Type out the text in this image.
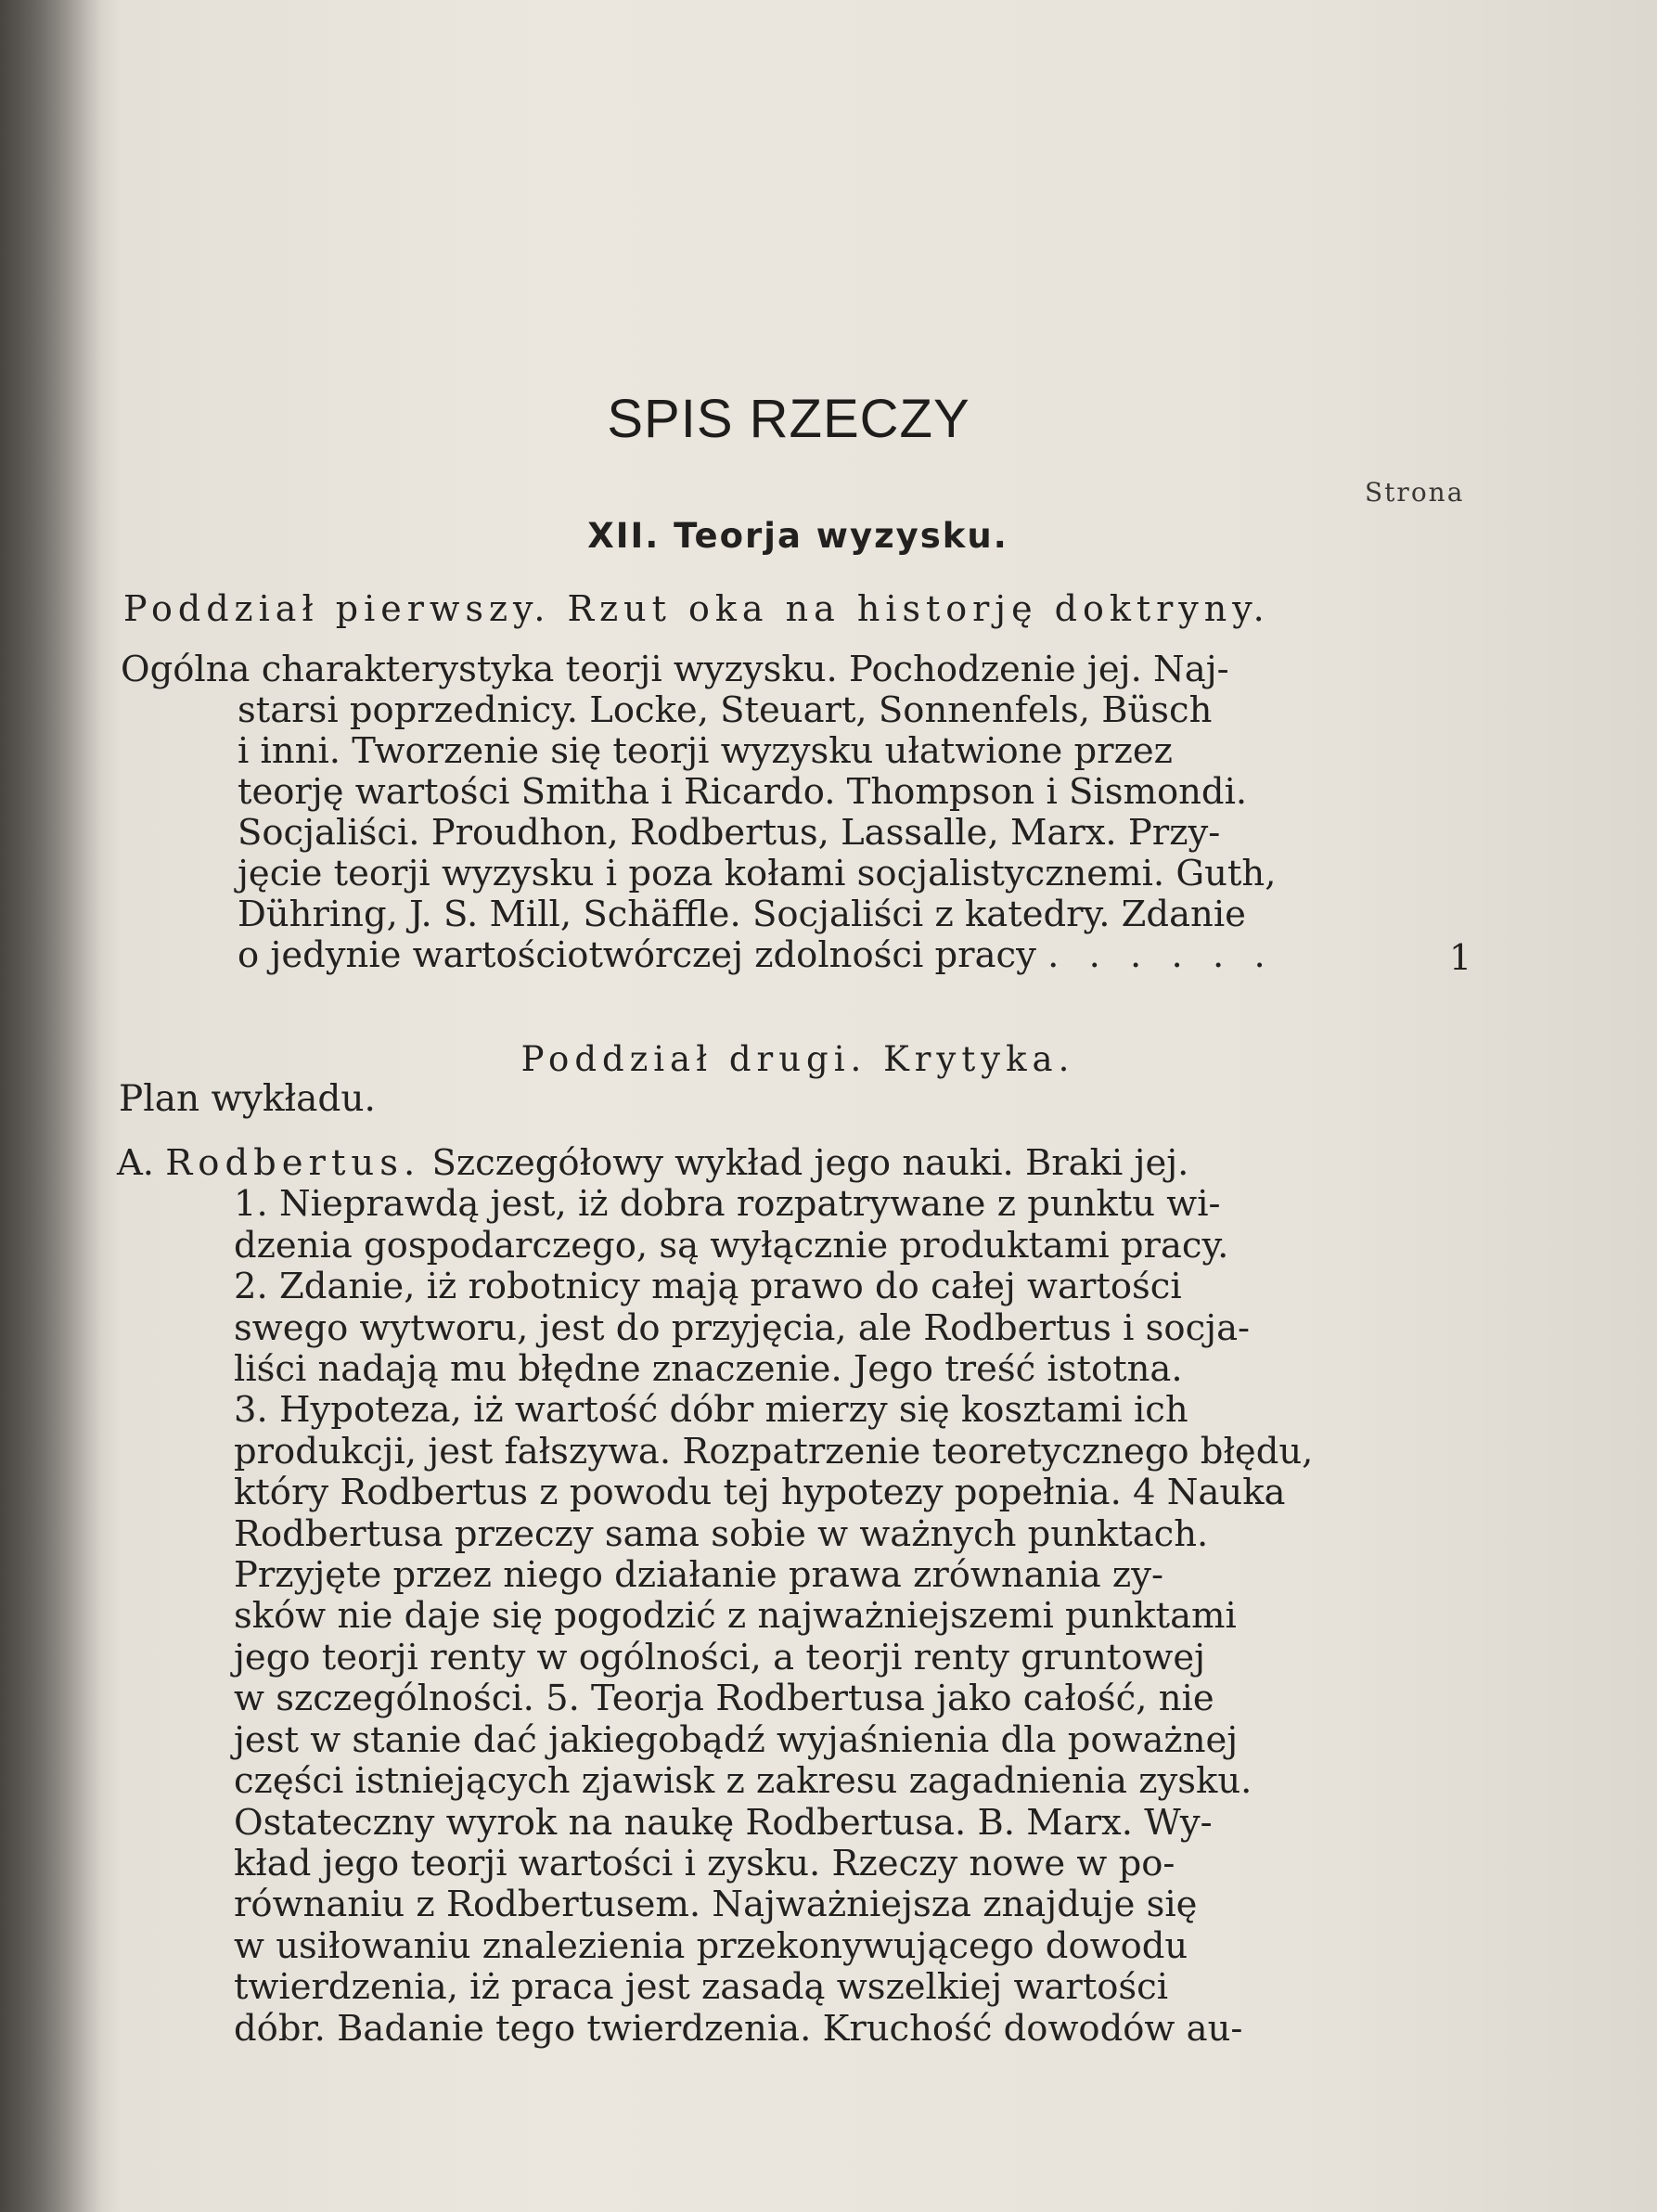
SPIS RZECZY
Strona
XII. Teorja wyzysku.
Poddział pierwszy. Rzut oka na historję doktryny.
Ogólna charakterystyka teorji wyzysku. Pochodzenie jej. Naj-
starsi poprzednicy. Locke, Steuart, Sonnenfels, Büsch
i inni. Tworzenie się teorji wyzysku ułatwione przez
teorję wartości Smitha i Ricardo. Thompson i Sismondi.
Socjaliści. Proudhon, Rodbertus, Lassalle, Marx. Przy-
jęcie teorji wyzysku i poza kołami socjalistycznemi. Guth,
Dühring, J. S. Mill, Schäffle. Socjaliści z katedry. Zdanie
o jedynie wartościotwórczej zdolności pracy . . . . . .	1
Poddział drugi. Krytyka.
Plan wykładu.
A. Rodbertus. Szczegółowy wykład jego nauki. Braki jej.
1. Nieprawdą jest, iż dobra rozpatrywane z punktu wi-
dzenia gospodarczego, są wyłącznie produktami pracy.
2. Zdanie, iż robotnicy mają prawo do całej wartości
swego wytworu, jest do przyjęcia, ale Rodbertus i socja-
liści nadają mu błędne znaczenie. Jego treść istotna.
3. Hypoteza, iż wartość dóbr mierzy się kosztami ich
produkcji, jest fałszywa. Rozpatrzenie teoretycznego błędu,
który Rodbertus z powodu tej hypotezy popełnia. 4 Nauka
Rodbertusa przeczy sama sobie w ważnych punktach.
Przyjęte przez niego działanie prawa zrównania zy-
sków nie daje się pogodzić z najważniejszemi punktami
jego teorji renty w ogólności, a teorji renty gruntowej
w szczególności. 5. Teorja Rodbertusa jako całość, nie
jest w stanie dać jakiegobądź wyjaśnienia dla poważnej
części istniejących zjawisk z zakresu zagadnienia zysku.
Ostateczny wyrok na naukę Rodbertusa. B. Marx. Wy-
kład jego teorji wartości i zysku. Rzeczy nowe w po-
równaniu z Rodbertusem. Najważniejsza znajduje się
w usiłowaniu znalezienia przekonywującego dowodu
twierdzenia, iż praca jest zasadą wszelkiej wartości
dóbr. Badanie tego twierdzenia. Kruchość dowodów au-
